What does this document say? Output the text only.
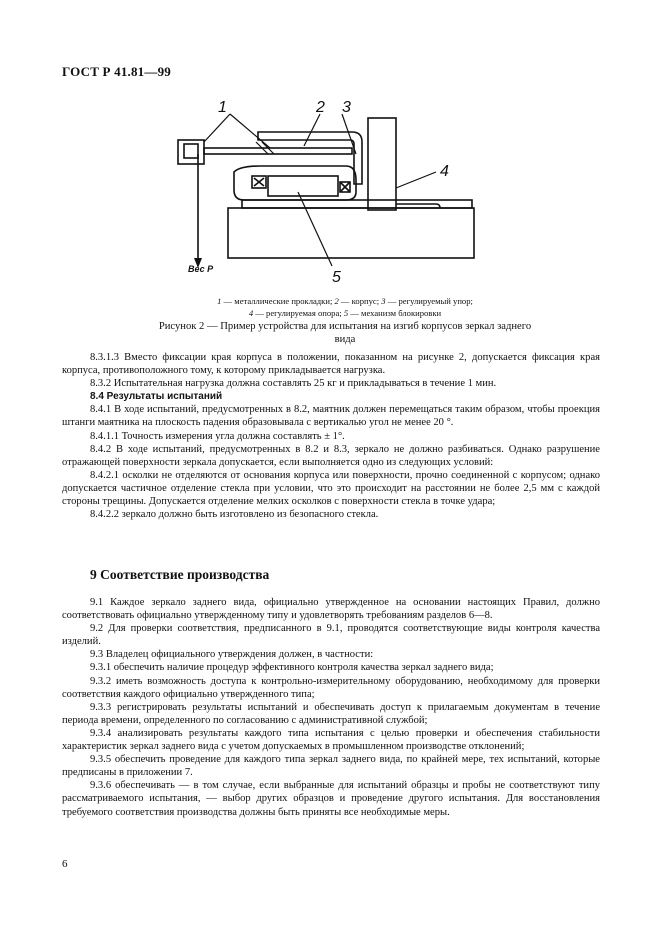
ГОСТ Р 41.81—99
1	2 3
4
5
Вес Р
1 — металлические прокладки; 2 — корпус; 3 — регулируемый упор;
4 — регулируемая опора; 5 — механизм блокировки
Рисунок 2 — Пример устройства для испытания на изгиб корпусов зеркал заднего вида

8.3.1.3 Вместо фиксации края корпуса в положении, показанном на рисунке 2, допускается фиксация края корпуса, противоположного тому, к которому прикладывается нагрузка.

8.3.2 Испытательная нагрузка должна составлять 25 кг и прикладываться в течение 1 мин.

8.4 Результаты испытаний

8.4.1 В ходе испытаний, предусмотренных в 8.2, маятник должен перемещаться таким образом, чтобы проекция штанги маятника на плоскость падения образовывала с вертикалью угол не менее 20 °.

8.4.1.1 Точность измерения угла должна составлять ± 1°.

8.4.2 В ходе испытаний, предусмотренных в 8.2 и 8.3, зеркало не должно разбиваться. Однако разрушение отражающей поверхности зеркала допускается, если выполняется одно из следующих условий:

8.4.2.1 осколки не отделяются от основания корпуса или поверхности, прочно соединенной с корпусом; однако допускается частичное отделение стекла при условии, что это происходит на расстоянии не более 2,5 мм с каждой стороны трещины. Допускается отделение мелких осколков с поверхности стекла в точке удара;

8.4.2.2 зеркало должно быть изготовлено из безопасного стекла.

9 Соответствие производства

9.1 Каждое зеркало заднего вида, официально утвержденное на основании настоящих Правил, должно соответствовать официально утвержденному типу и удовлетворять требованиям разделов 6—8.

9.2 Для проверки соответствия, предписанного в 9.1, проводятся соответствующие виды контроля качества изделий.

9.3 Владелец официального утверждения должен, в частности:

9.3.1 обеспечить наличие процедур эффективного контроля качества зеркал заднего вида;

9.3.2 иметь возможность доступа к контрольно-измерительному оборудованию, необходимому для проверки соответствия каждого официально утвержденного типа;

9.3.3 регистрировать результаты испытаний и обеспечивать доступ к прилагаемым документам в течение периода времени, определенного по согласованию с административной службой;

9.3.4 анализировать результаты каждого типа испытания с целью проверки и обеспечения стабильности характеристик зеркал заднего вида с учетом допускаемых в промышленном производстве отклонений;

9.3.5 обеспечить проведение для каждого типа зеркал заднего вида, по крайней мере, тех испытаний, которые предписаны в приложении 7.

9.3.6 обеспечивать — в том случае, если выбранные для испытаний образцы и пробы не соответствуют типу рассматриваемого испытания, — выбор других образцов и проведение другого испытания. Для восстановления требуемого соответствия производства должны быть приняты все необходимые меры.

6
